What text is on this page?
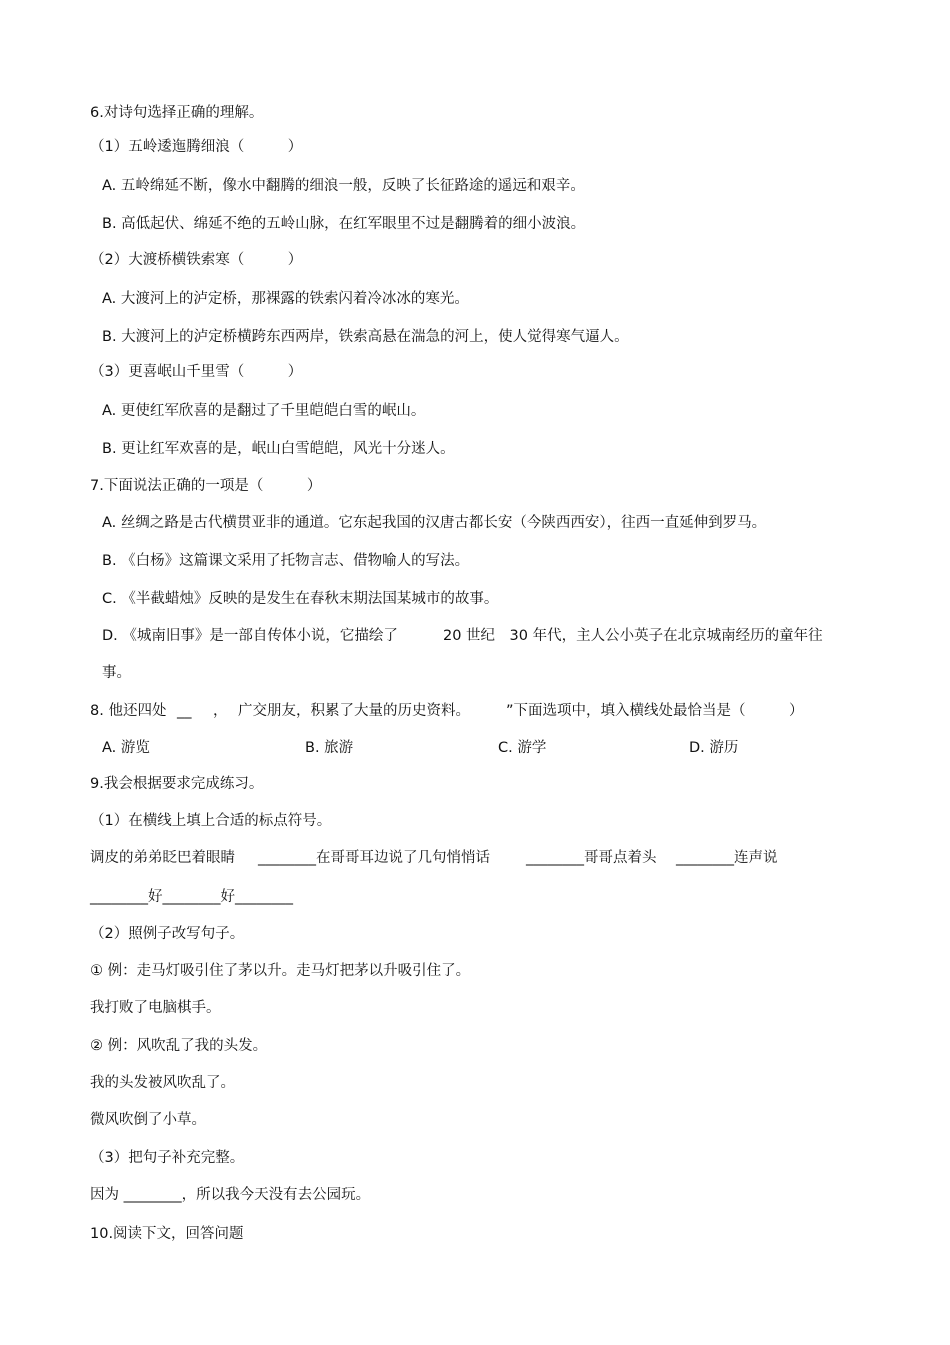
6.对诗句选择正确的理解。
（1）五岭逶迤腾细浪（　　　）
A. 五岭绵延不断，像水中翻腾的细浪一般，反映了长征路途的遥远和艰辛。
B. 高低起伏、绵延不绝的五岭山脉，在红军眼里不过是翻腾着的细小波浪。
（2）大渡桥横铁索寒（　　　）
A. 大渡河上的泸定桥，那裸露的铁索闪着冷冰冰的寒光。
B. 大渡河上的泸定桥横跨东西两岸，铁索高悬在湍急的河上，使人觉得寒气逼人。
（3）更喜岷山千里雪（　　　）
A. 更使红军欣喜的是翻过了千里皑皑白雪的岷山。
B. 更让红军欢喜的是，岷山白雪皑皑，风光十分迷人。
7.下面说法正确的一项是（　　　）
A. 丝绸之路是古代横贯亚非的通道。它东起我国的汉唐古都长安（今陕西西安），往西一直延伸到罗马。
B. 《白杨》这篇课文采用了托物言志、借物喻人的写法。
C. 《半截蜡烛》反映的是发生在春秋末期法国某城市的故事。
D. 《城南旧事》是一部自传体小说，它描绘了	20 世纪　30 年代，主人公小英子在北京城南经历的童年往
事。
8. 他还四处 __ ， 广交朋友，积累了大量的历史资料。 ”下面选项中，填入横线处最恰当是（　　　）
A. 游览	B. 旅游	C. 游学	D. 游历
9.我会根据要求完成练习。
（1）在横线上填上合适的标点符号。
调皮的弟弟眨巴着眼睛 ________在哥哥耳边说了几句悄悄话 ________哥哥点着头 ________连声说
________好________好________
（2）照例子改写句子。
① 例：走马灯吸引住了茅以升。走马灯把茅以升吸引住了。
我打败了电脑棋手。
② 例：风吹乱了我的头发。
我的头发被风吹乱了。
微风吹倒了小草。
（3）把句子补充完整。
因为 ________，所以我今天没有去公园玩。
10.阅读下文，回答问题
